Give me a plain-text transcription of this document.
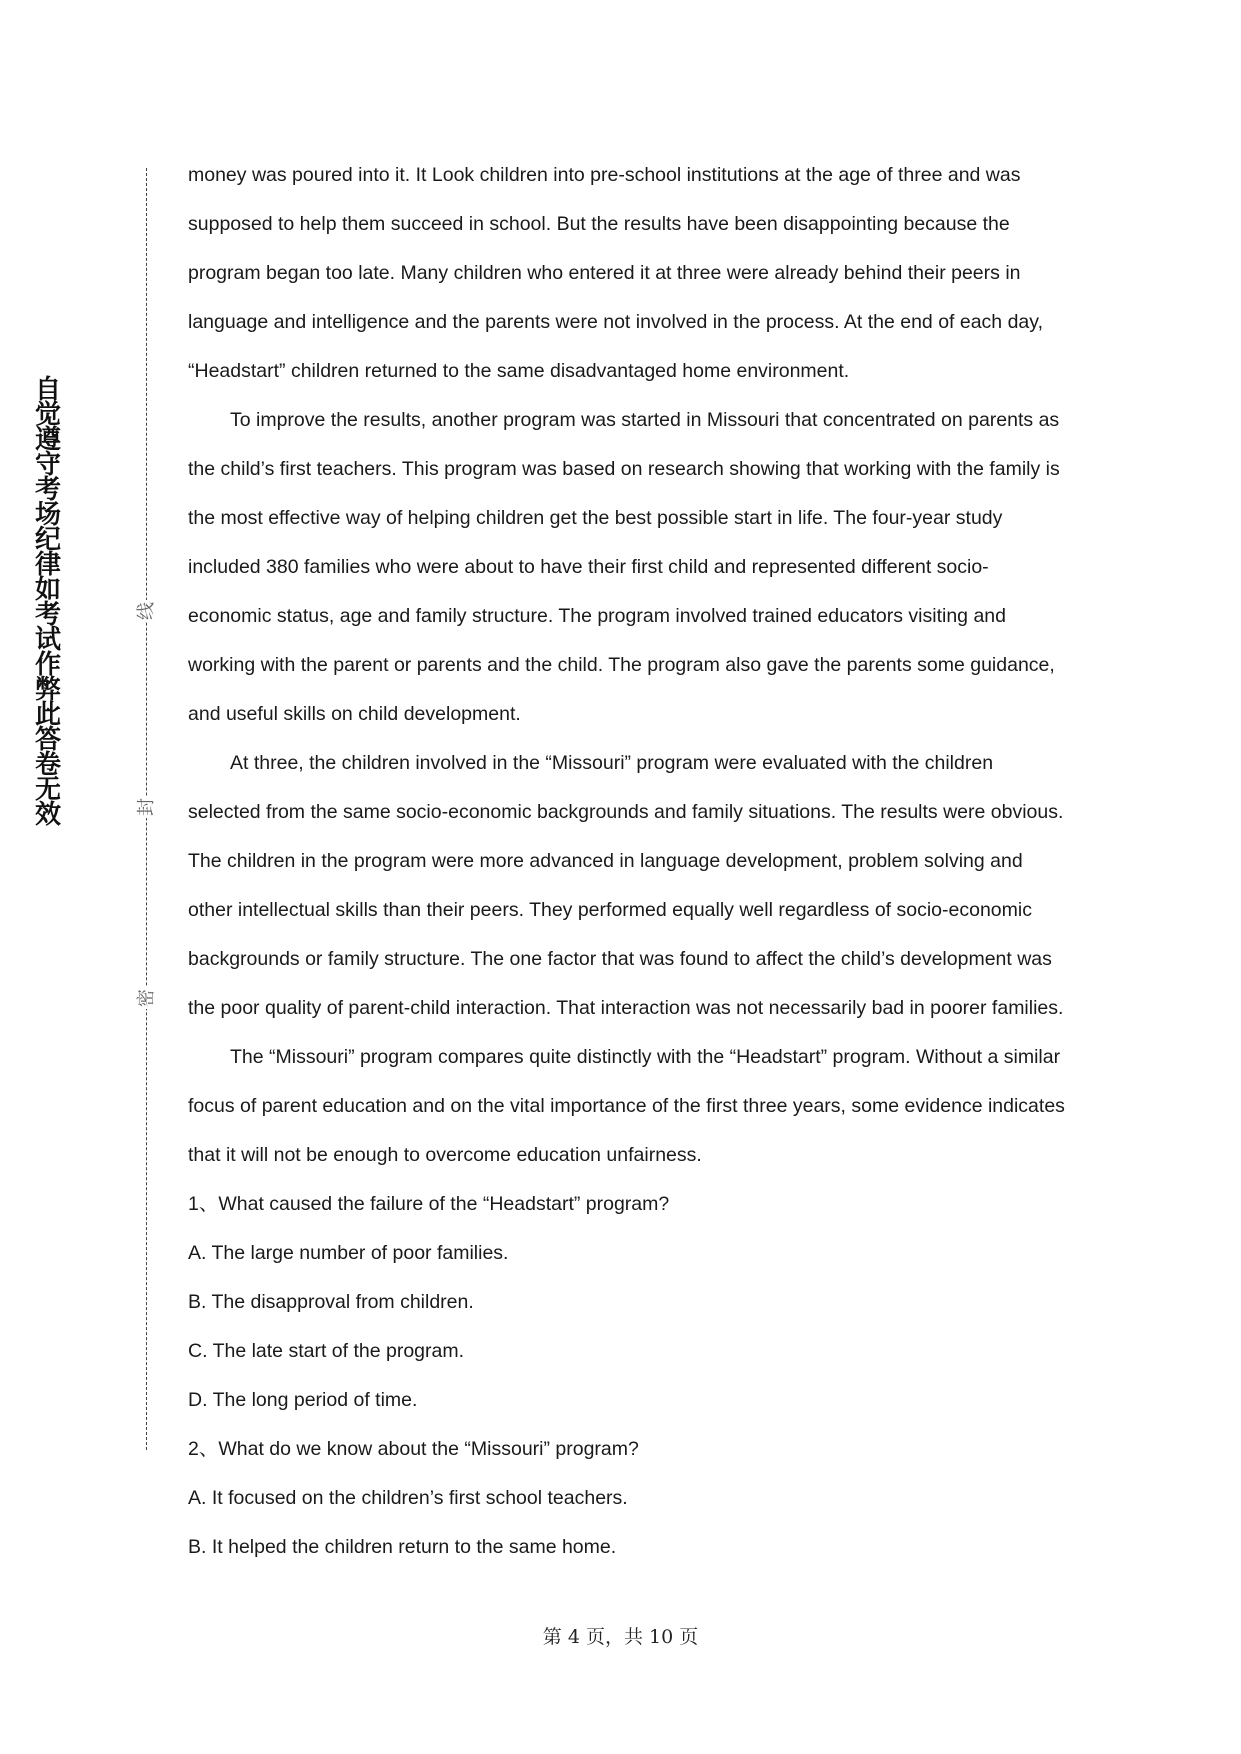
自觉遵守考场纪律如考试作弊此答卷无效
线
封
密

money was poured into it. It Look children into pre-school institutions at the age of three and was supposed to help them succeed in school. But the results have been disappointing because the program began too late. Many children who entered it at three were already behind their peers in language and intelligence and the parents were not involved in the process. At the end of each day, “Headstart” children returned to the same disadvantaged home environment.

To improve the results, another program was started in Missouri that concentrated on parents as the child’s first teachers. This program was based on research showing that working with the family is the most effective way of helping children get the best possible start in life. The four-year study included 380 families who were about to have their first child and represented different socio-economic status, age and family structure. The program involved trained educators visiting and working with the parent or parents and the child. The program also gave the parents some guidance, and useful skills on child development.

At three, the children involved in the “Missouri” program were evaluated with the children selected from the same socio-economic backgrounds and family situations. The results were obvious. The children in the program were more advanced in language development, problem solving and other intellectual skills than their peers. They performed equally well regardless of socio-economic backgrounds or family structure. The one factor that was found to affect the child’s development was the poor quality of parent-child interaction. That interaction was not necessarily bad in poorer families.

The “Missouri” program compares quite distinctly with the “Headstart” program. Without a similar focus of parent education and on the vital importance of the first three years, some evidence indicates that it will not be enough to overcome education unfairness.

1、What caused the failure of the “Headstart” program?
A. The large number of poor families.
B. The disapproval from children.
C. The late start of the program.
D. The long period of time.
2、What do we know about the “Missouri” program?
A. It focused on the children’s first school teachers.
B. It helped the children return to the same home.
第 4 页，共 10 页
